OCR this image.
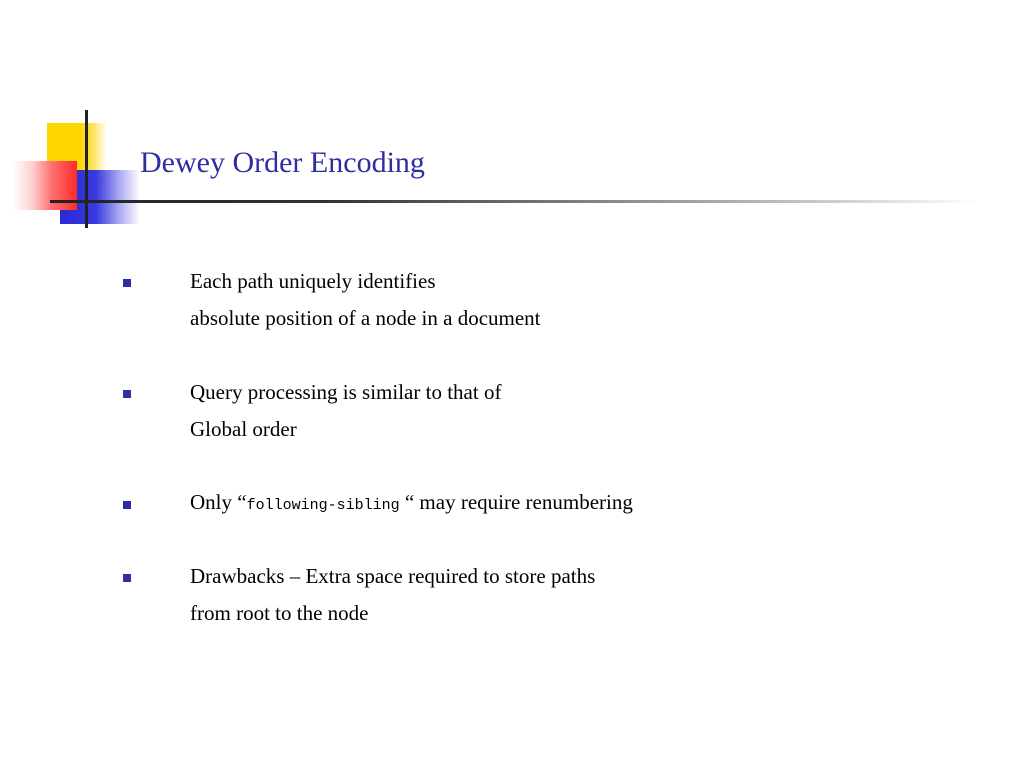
Dewey Order Encoding
Each path uniquely identifies
absolute position of a node in a document
Query processing is similar to that of
Global order
Only “following-sibling “ may require renumbering
Drawbacks – Extra space required to store paths
from root to the node
